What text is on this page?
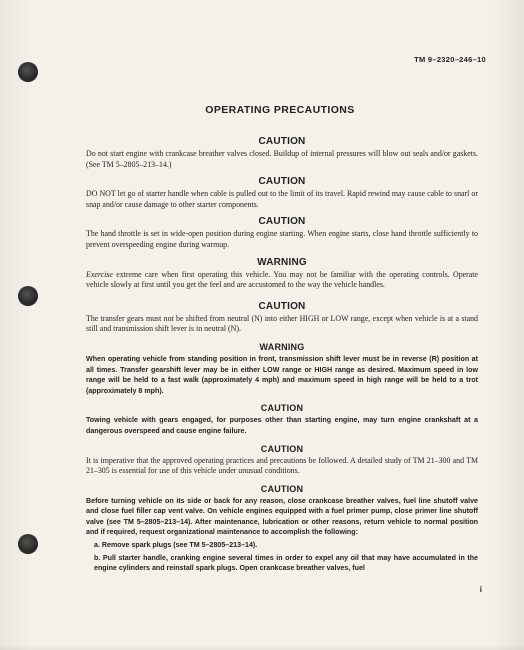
TM 9–2320–246–10
OPERATING PRECAUTIONS
CAUTION

Do not start engine with crankcase breather valves closed. Buildup of internal pressures will blow out seals and/or gaskets. (See TM 5–2805–213–14.)

CAUTION

DO NOT let go of starter handle when cable is pulled out to the limit of its travel. Rapid rewind may cause cable to snarl or snap and/or cause damage to other starter components.

CAUTION

The hand throttle is set in wide-open position during engine starting. When engine starts, close hand throttle sufficiently to prevent overspeeding engine during warmup.

WARNING

Exercise extreme care when first operating this vehicle. You may not be familiar with the operating controls. Operate vehicle slowly at first until you get the feel and are accustomed to the way the vehicle handles.

CAUTION

The transfer gears must not be shifted from neutral (N) into either HIGH or LOW range, except when vehicle is at a stand still and transmission shift lever is in neutral (N).

WARNING

When operating vehicle from standing position in front, transmission shift lever must be in reverse (R) position at all times. Transfer gearshift lever may be in either LOW range or HIGH range as desired. Maximum speed in low range will be held to a fast walk (approximately 4 mph) and maximum speed in high range will be held to a trot (approximately 8 mph).

CAUTION

Towing vehicle with gears engaged, for purposes other than starting engine, may turn engine crankshaft at a dangerous overspeed and cause engine failure.

CAUTION

It is imperative that the approved operating practices and precautions be followed. A detailed study of TM 21–300 and TM 21–305 is essential for use of this vehicle under unusual conditions.

CAUTION

Before turning vehicle on its side or back for any reason, close crankcase breather valves, fuel line shutoff valve and close fuel filler cap vent valve. On vehicle engines equipped with a fuel primer pump, close primer line shutoff valve (see TM 5–2805–213–14). After maintenance, lubrication or other reasons, return vehicle to normal position and if required, request organizational maintenance to accomplish the following:

a. Remove spark plugs (see TM 5–2805–213–14).

b. Pull starter handle, cranking engine several times in order to expel any oil that may have accumulated in the engine cylinders and reinstall spark plugs. Open crankcase breather valves, fuel

i
